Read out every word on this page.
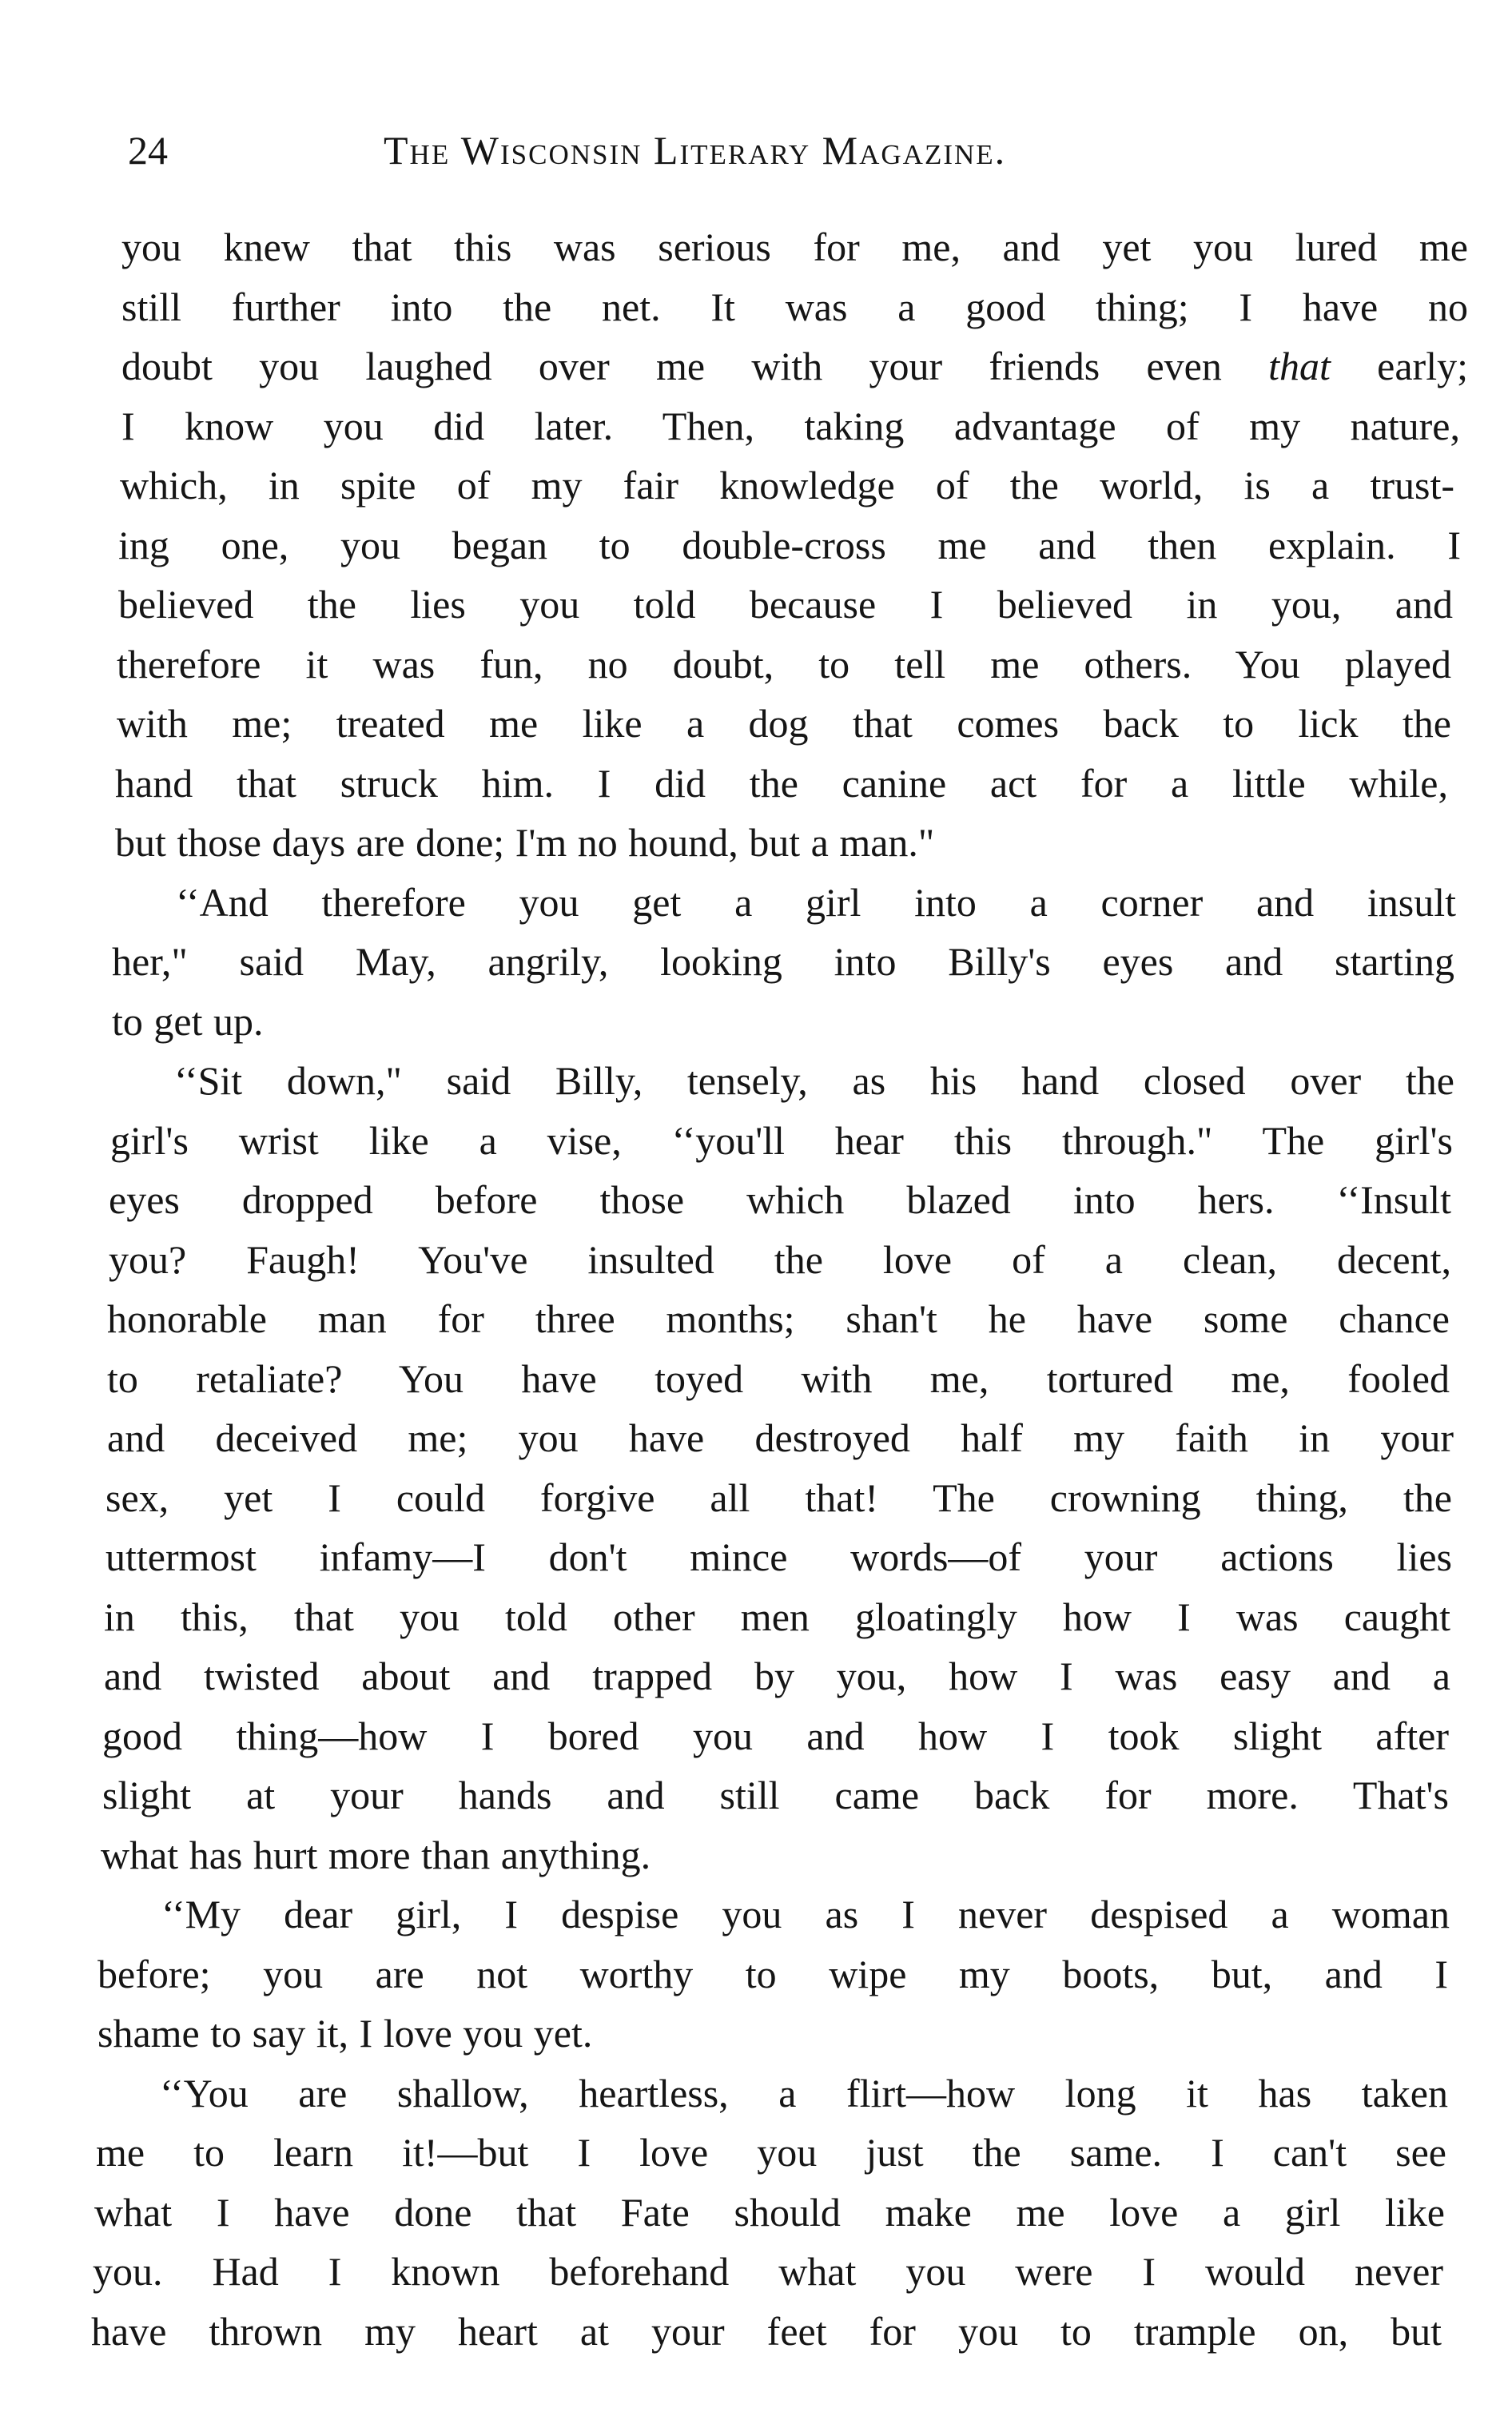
24	The Wisconsin Literary Magazine.
you knew that this was serious for me, and yet you lured me
still further into the net. It was a good thing; I have no
doubt you laughed over me with your friends even that early;
I know you did later. Then, taking advantage of my nature,
which, in spite of my fair knowledge of the world, is a trust-
ing one, you began to double-cross me and then explain. I
believed the lies you told because I believed in you, and
therefore it was fun, no doubt, to tell me others. You played
with me; treated me like a dog that comes back to lick the
hand that struck him. I did the canine act for a little while,
but those days are done; I'm no hound, but a man."
‘‘And therefore you get a girl into a corner and insult
her," said May, angrily, looking into Billy's eyes and starting
to get up.
‘‘Sit down," said Billy, tensely, as his hand closed over the
girl's wrist like a vise, ‘‘you'll hear this through." The girl's
eyes dropped before those which blazed into hers. ‘‘Insult
you? Faugh! You've insulted the love of a clean, decent,
honorable man for three months; shan't he have some chance
to retaliate? You have toyed with me, tortured me, fooled
and deceived me; you have destroyed half my faith in your
sex, yet I could forgive all that! The crowning thing, the
uttermost infamy—I don't mince words—of your actions lies
in this, that you told other men gloatingly how I was caught
and twisted about and trapped by you, how I was easy and a
good thing—how I bored you and how I took slight after
slight at your hands and still came back for more. That's
what has hurt more than anything.
‘‘My dear girl, I despise you as I never despised a woman
before; you are not worthy to wipe my boots, but, and I
shame to say it, I love you yet.
‘‘You are shallow, heartless, a flirt—how long it has taken
me to learn it!—but I love you just the same. I can't see
what I have done that Fate should make me love a girl like
you. Had I known beforehand what you were I would never
have thrown my heart at your feet for you to trample on, but
